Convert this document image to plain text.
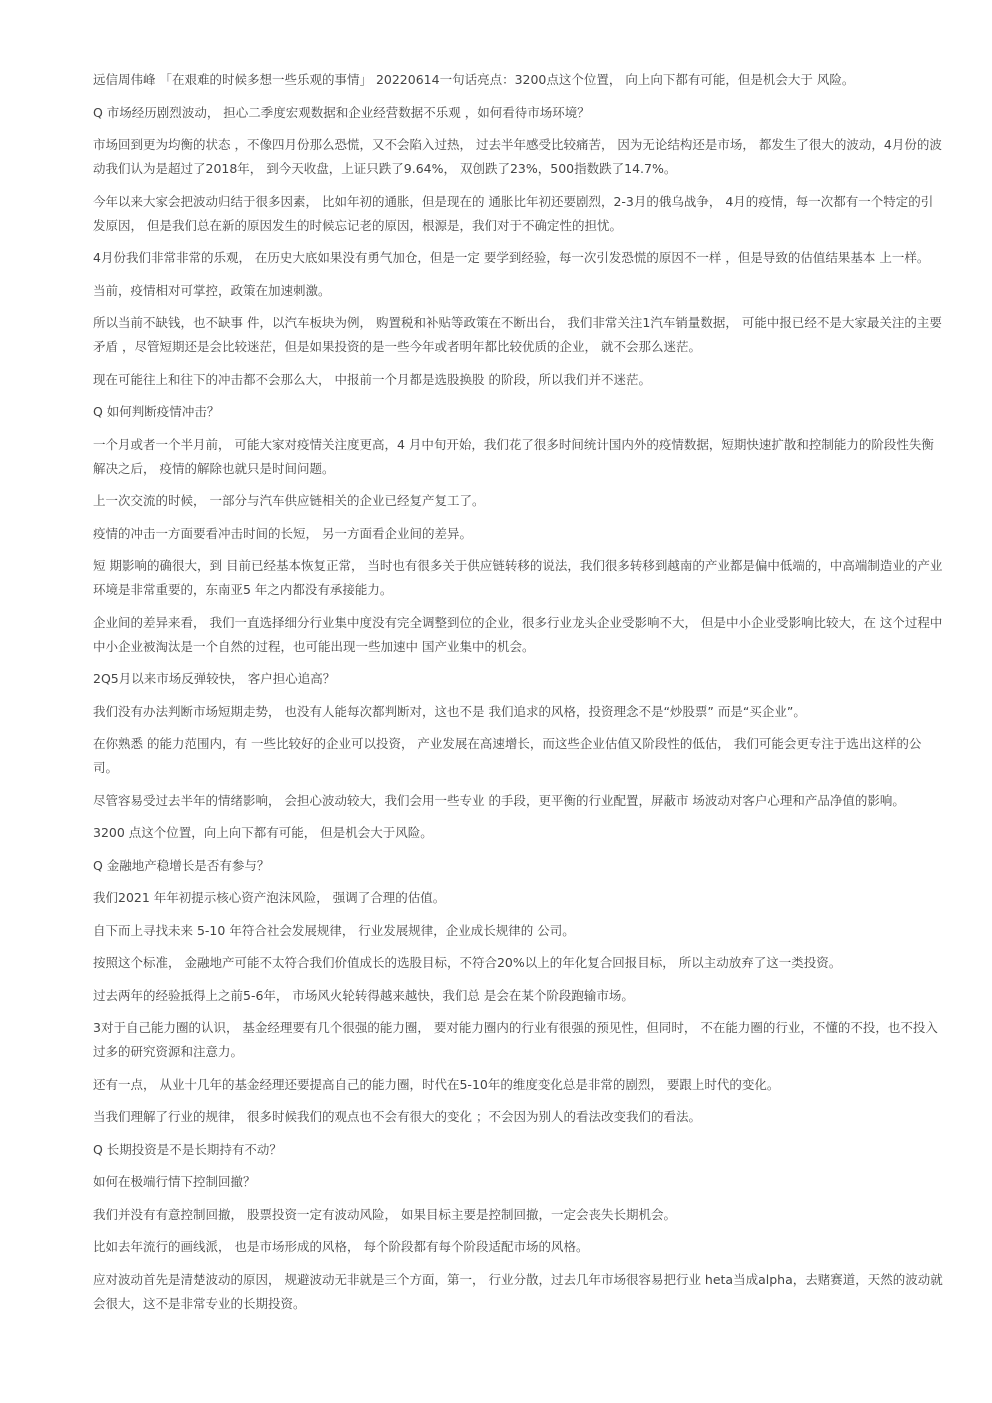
远信周伟峰 「在艰难的时候多想一些乐观的事情」 20220614一句话亮点：3200点这个位置， 向上向下都有可能，但是机会大于 风险。

Q 市场经历剧烈波动， 担心二季度宏观数据和企业经营数据不乐观 ，如何看待市场环境？

市场回到更为均衡的状态 ，不像四月份那么恐慌，又不会陷入过热， 过去半年感受比较痛苦， 因为无论结构还是市场， 都发生了很大的波动，4月份的波动我们认为是超过了2018年， 到今天收盘，上证只跌了9.64%， 双创跌了23%，500指数跌了14.7%。

今年以来大家会把波动归结于很多因素， 比如年初的通胀，但是现在的 通胀比年初还要剧烈，2-3月的俄乌战争， 4月的疫情，每一次都有一个特定的引发原因， 但是我们总在新的原因发生的时候忘记老的原因，根源是，我们对于不确定性的担忧。

4月份我们非常非常的乐观， 在历史大底如果没有勇气加仓，但是一定 要学到经验，每一次引发恐慌的原因不一样 ，但是导致的估值结果基本 上一样。

当前，疫情相对可掌控，政策在加速刺激。

所以当前不缺钱，也不缺事 件，以汽车板块为例， 购置税和补贴等政策在不断出台， 我们非常关注1汽车销量数据， 可能中报已经不是大家最关注的主要矛盾 ，尽管短期还是会比较迷茫，但是如果投资的是一些今年或者明年都比较优质的企业， 就不会那么迷茫。

现在可能往上和往下的冲击都不会那么大， 中报前一个月都是选股换股 的阶段，所以我们并不迷茫。

Q 如何判断疫情冲击？

一个月或者一个半月前， 可能大家对疫情关注度更高，4 月中旬开始，我们花了很多时间统计国内外的疫情数据，短期快速扩散和控制能力的阶段性失衡解决之后， 疫情的解除也就只是时间问题。

上一次交流的时候， 一部分与汽车供应链相关的企业已经复产复工了。

疫情的冲击一方面要看冲击时间的长短， 另一方面看企业间的差异。

短 期影响的确很大，到 目前已经基本恢复正常， 当时也有很多关于供应链转移的说法，我们很多转移到越南的产业都是偏中低端的，中高端制造业的产业环境是非常重要的，东南亚5 年之内都没有承接能力。

企业间的差异来看， 我们一直选择细分行业集中度没有完全调整到位的企业，很多行业龙头企业受影响不大， 但是中小企业受影响比较大，在 这个过程中中小企业被淘汰是一个自然的过程，也可能出现一些加速中 国产业集中的机会。

2Q5月以来市场反弹较快， 客户担心追高？

我们没有办法判断市场短期走势， 也没有人能每次都判断对，这也不是 我们追求的风格，投资理念不是“炒股票” 而是“买企业”。

在你熟悉 的能力范围内，有 一些比较好的企业可以投资， 产业发展在高速增长，而这些企业估值又阶段性的低估， 我们可能会更专注于选出这样的公司。

尽管容易受过去半年的情绪影响， 会担心波动较大，我们会用一些专业 的手段，更平衡的行业配置，屏蔽市 场波动对客户心理和产品净值的影响。

3200 点这个位置，向上向下都有可能， 但是机会大于风险。

Q 金融地产稳增长是否有参与？

我们2021 年年初提示核心资产泡沫风险， 强调了合理的估值。

自下而上寻找未来 5-10 年符合社会发展规律， 行业发展规律，企业成长规律的 公司。

按照这个标准， 金融地产可能不太符合我们价值成长的选股目标，不符合20%以上的年化复合回报目标， 所以主动放弃了这一类投资。

过去两年的经验抵得上之前5-6年， 市场风火轮转得越来越快，我们总 是会在某个阶段跑输市场。

3对于自己能力圈的认识， 基金经理要有几个很强的能力圈， 要对能力圈内的行业有很强的预见性，但同时， 不在能力圈的行业，不懂的不投，也不投入过多的研究资源和注意力。

还有一点， 从业十几年的基金经理还要提高自己的能力圈，时代在5-10年的维度变化总是非常的剧烈， 要跟上时代的变化。

当我们理解了行业的规律， 很多时候我们的观点也不会有很大的变化 ；不会因为别人的看法改变我们的看法。

Q 长期投资是不是长期持有不动？

如何在极端行情下控制回撤？

我们并没有有意控制回撤， 股票投资一定有波动风险， 如果目标主要是控制回撤，一定会丧失长期机会。

比如去年流行的画线派， 也是市场形成的风格， 每个阶段都有每个阶段适配市场的风格。

应对波动首先是清楚波动的原因， 规避波动无非就是三个方面，第一， 行业分散，过去几年市场很容易把行业 heta当成alpha，去赌赛道，天然的波动就会很大，这不是非常专业的长期投资。
